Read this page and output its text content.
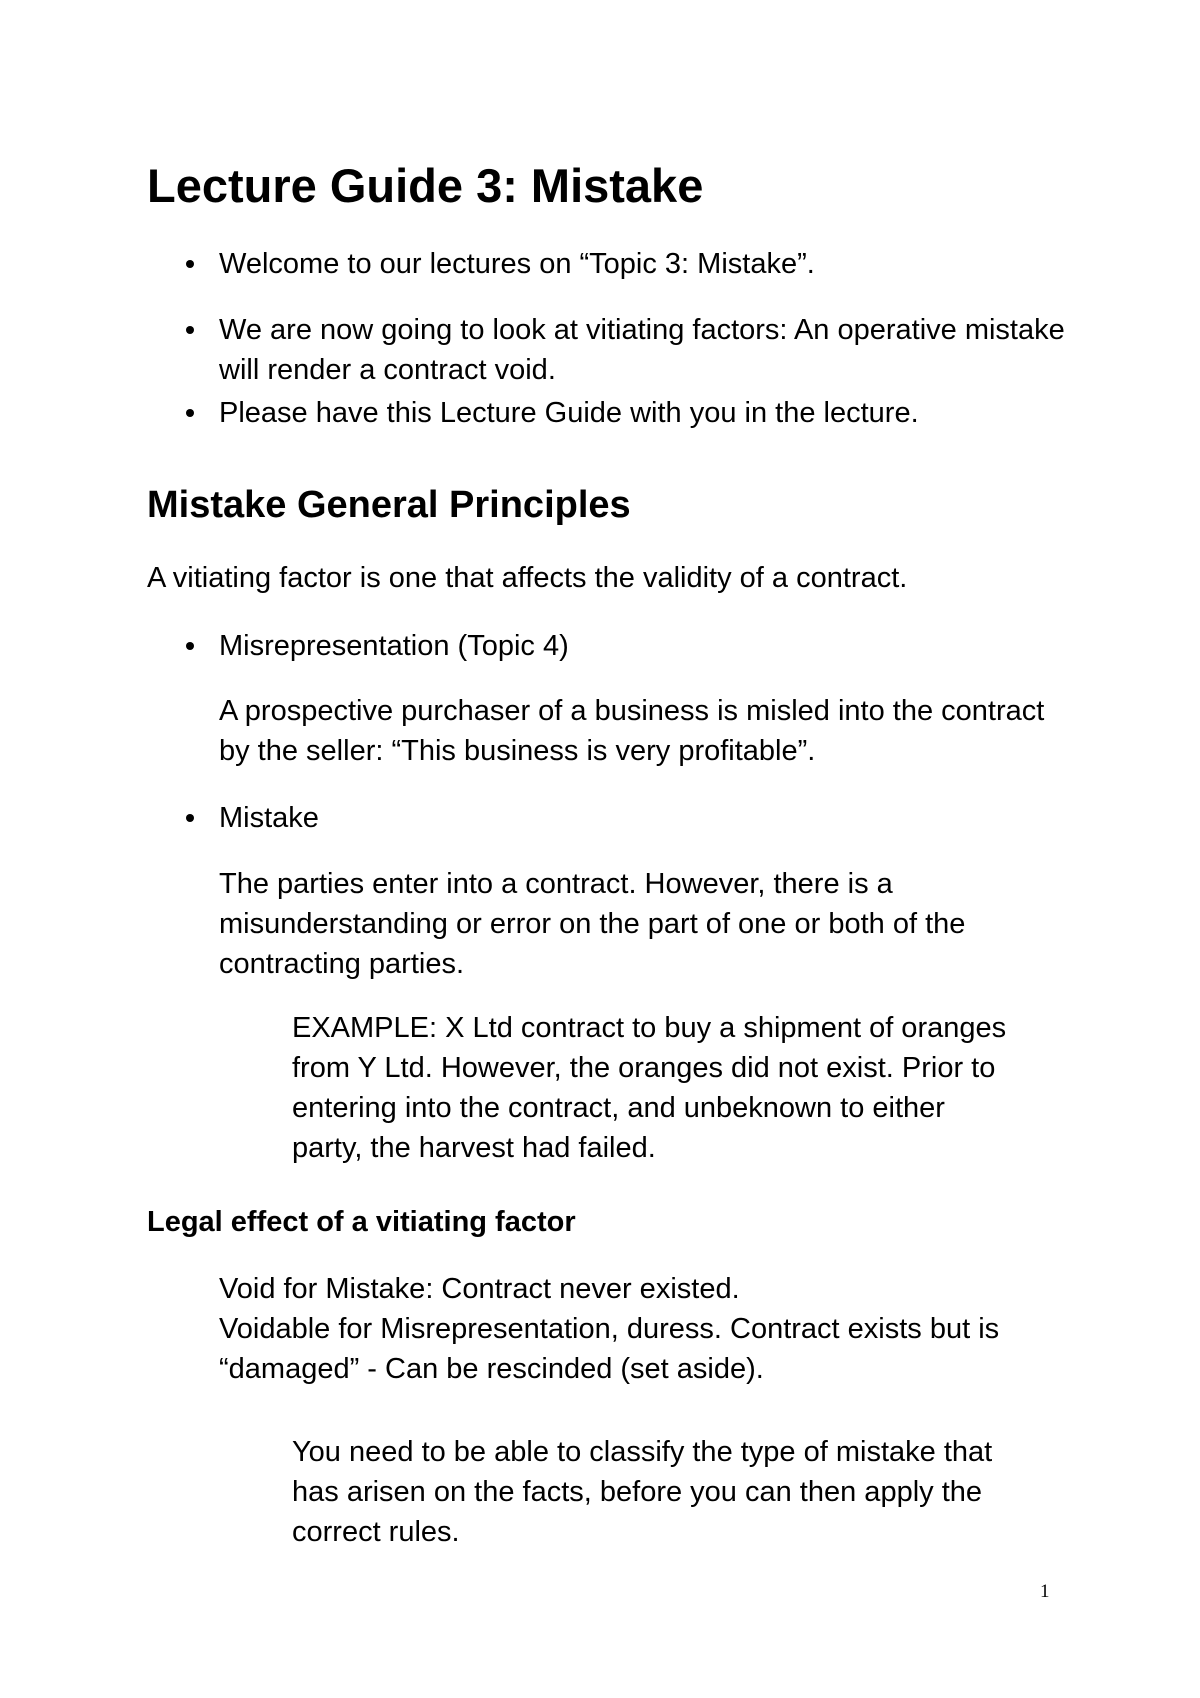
Lecture Guide 3: Mistake

Welcome to our lectures on “Topic 3: Mistake”.

We are now going to look at vitiating factors: An operative mistake will render a contract void.

Please have this Lecture Guide with you in the lecture.

Mistake General Principles

A vitiating factor is one that affects the validity of a contract.

Misrepresentation (Topic 4)

A prospective purchaser of a business is misled into the contract by the seller: “This business is very profitable”.

Mistake

The parties enter into a contract. However, there is a misunderstanding or error on the part of one or both of the contracting parties.

EXAMPLE: X Ltd contract to buy a shipment of oranges from Y Ltd. However, the oranges did not exist. Prior to entering into the contract, and unbeknown to either party, the harvest had failed.

Legal effect of a vitiating factor

Void for Mistake: Contract never existed.

Voidable for Misrepresentation, duress. Contract exists but is “damaged” - Can be rescinded (set aside).

You need to be able to classify the type of mistake that has arisen on the facts, before you can then apply the correct rules.

1
